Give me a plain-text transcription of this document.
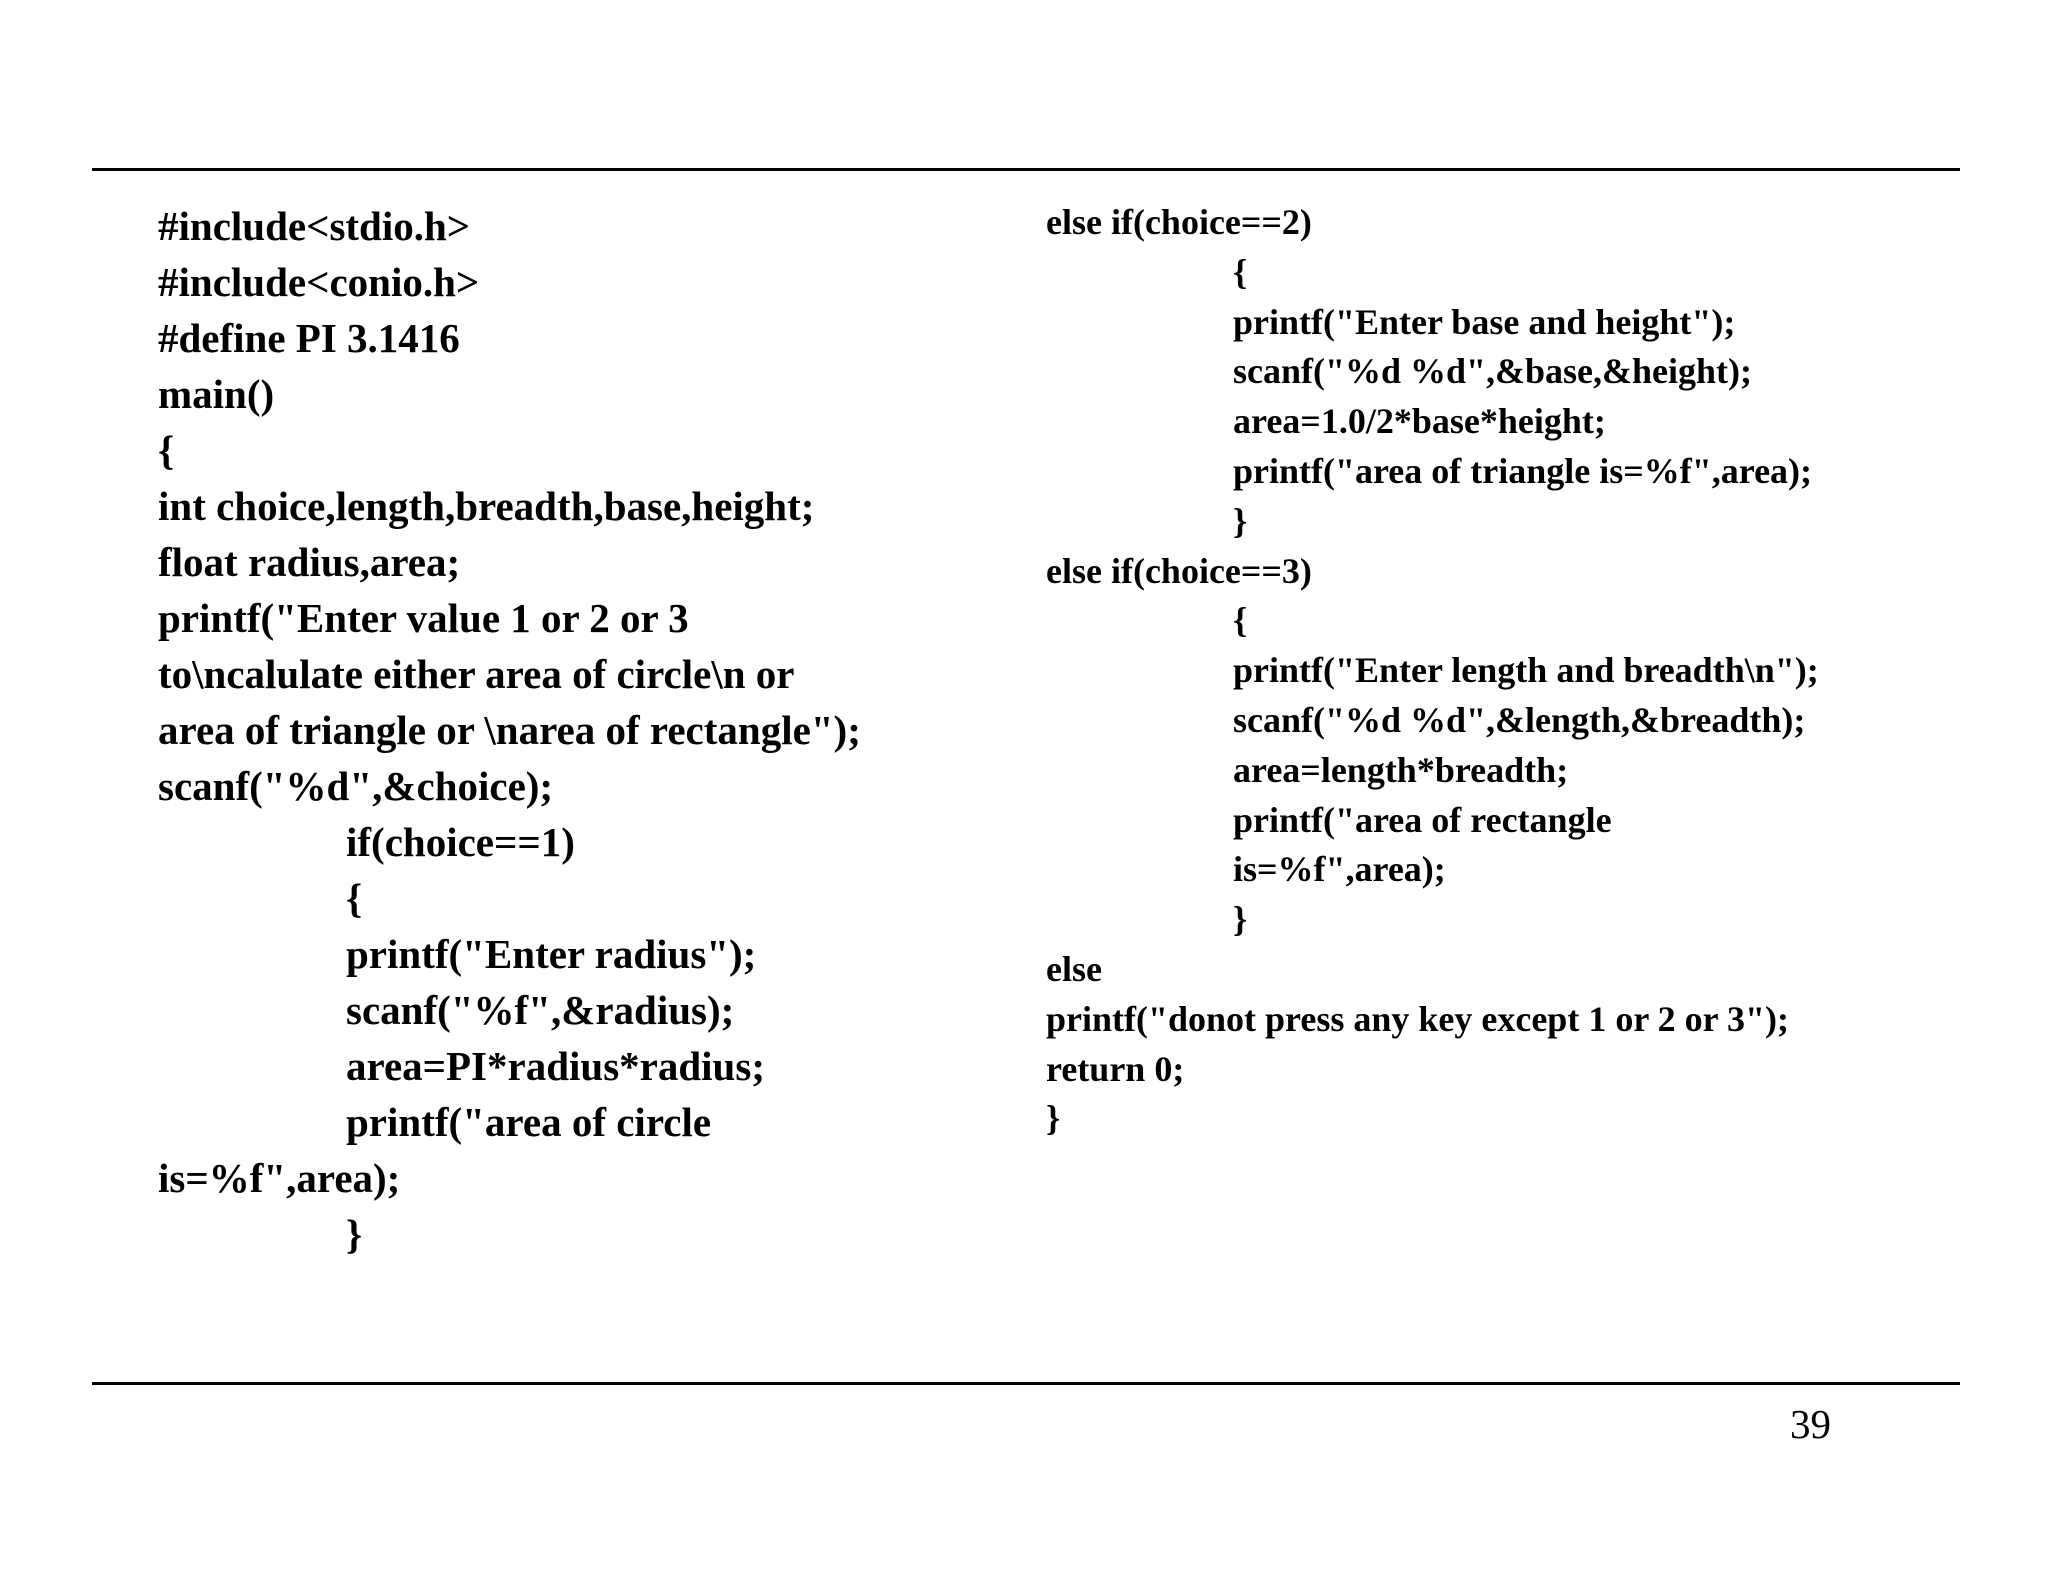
#include<stdio.h>
#include<conio.h>
#define PI 3.1416
main()
{
int choice,length,breadth,base,height;
float radius,area;
printf("Enter value 1 or 2 or 3
to\ncalulate either area of circle\n or
area of triangle or \narea of rectangle");
scanf("%d",&choice);
if(choice==1)
{
printf("Enter radius");
scanf("%f",&radius);
area=PI*radius*radius;
printf("area of circle
is=%f",area);
}
else if(choice==2)
{
printf("Enter base and height");
scanf("%d %d",&base,&height);
area=1.0/2*base*height;
printf("area of triangle is=%f",area);
}
else if(choice==3)
{
printf("Enter length and breadth\n");
scanf("%d %d",&length,&breadth);
area=length*breadth;
printf("area of rectangle
is=%f",area);
}
else
printf("donot press any key except 1 or 2 or 3");
return 0;
}
39
